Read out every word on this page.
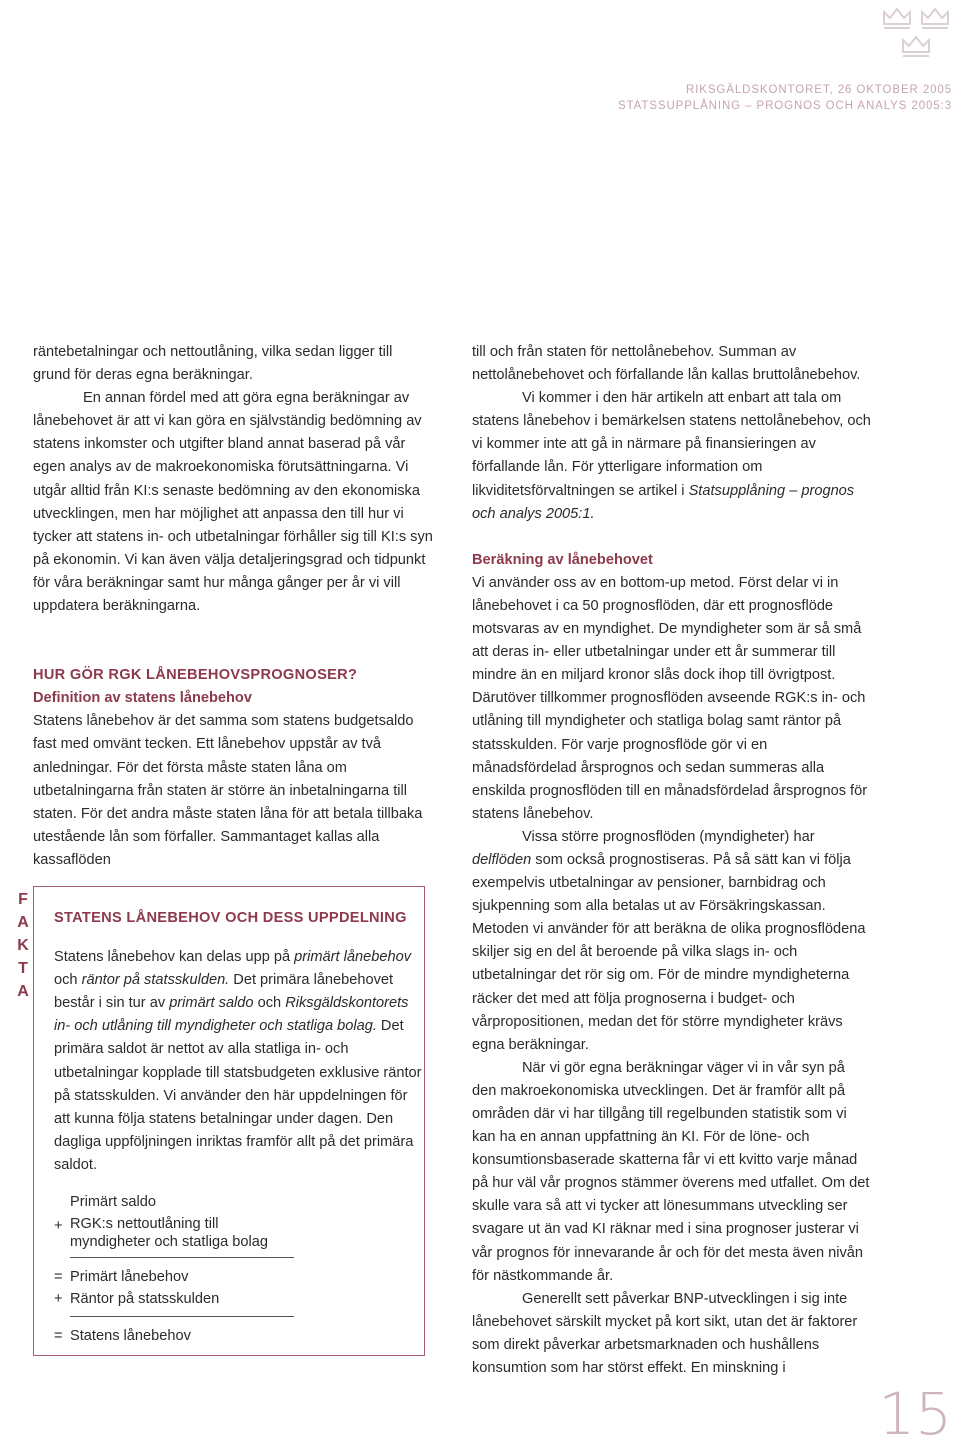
RIKSGÄLDSKONTORET, 26 OKTOBER 2005
STATSSUPPLÅNING – PROGNOS OCH ANALYS 2005:3

räntebetalningar och nettoutlåning, vilka sedan ligger till grund för deras egna beräkningar.

En annan fördel med att göra egna beräkningar av lånebehovet är att vi kan göra en självständig bedömning av statens inkomster och utgifter bland annat baserad på vår egen analys av de makroekonomiska förutsättningarna. Vi utgår alltid från KI:s senaste bedömning av den ekonomiska utvecklingen, men har möjlighet att anpassa den till hur vi tycker att statens in- och utbetalningar förhåller sig till KI:s syn på ekonomin. Vi kan även välja detaljeringsgrad och tidpunkt för våra beräkningar samt hur många gånger per år vi vill uppdatera beräkningarna.

HUR GÖR RGK LÅNEBEHOVSPROGNOSER?
Definition av statens lånebehov

Statens lånebehov är det samma som statens budgetsaldo fast med omvänt tecken. Ett lånebehov uppstår av två anledningar. För det första måste staten låna om utbetalningarna från staten är större än inbetalningarna till staten. För det andra måste staten låna för att betala tillbaka utestående lån som förfaller. Sammantaget kallas alla kassaflöden

F
A
K
T
A
STATENS LÅNEBEHOV OCH DESS UPPDELNING

Statens lånebehov kan delas upp på primärt lånebehov och räntor på statsskulden. Det primära lånebehovet består i sin tur av primärt saldo och Riksgäldskontorets in- och utlåning till myndigheter och statliga bolag. Det primära saldot är nettot av alla statliga in- och utbetalningar kopplade till statsbudgeten exklusive räntor på statsskulden. Vi använder den här uppdelningen för att kunna följa statens betalningar under dagen. Den dagliga uppföljningen inriktas framför allt på det primära saldot.

Primärt saldo
+ RGK:s nettoutlåning till myndigheter och statliga bolag
= Primärt lånebehov
+ Räntor på statsskulden
= Statens lånebehov

till och från staten för nettolånebehov. Summan av nettolånebehovet och förfallande lån kallas bruttolånebehov.

Vi kommer i den här artikeln att enbart att tala om statens lånebehov i bemärkelsen statens nettolånebehov, och vi kommer inte att gå in närmare på finansieringen av förfallande lån. För ytterligare information om likviditetsförvaltningen se artikel i Statsupplåning – prognos och analys 2005:1.

Beräkning av lånebehovet

Vi använder oss av en bottom-up metod. Först delar vi in lånebehovet i ca 50 prognosflöden, där ett prognosflöde motsvaras av en myndighet. De myndigheter som är så små att deras in- eller utbetalningar under ett år summerar till mindre än en miljard kronor slås dock ihop till övrigtpost. Därutöver tillkommer prognosflöden avseende RGK:s in- och utlåning till myndigheter och statliga bolag samt räntor på statsskulden. För varje prognosflöde gör vi en månadsfördelad årsprognos och sedan summeras alla enskilda prognosflöden till en månadsfördelad årsprognos för statens lånebehov.

Vissa större prognosflöden (myndigheter) har delflöden som också prognostiseras. På så sätt kan vi följa exempelvis utbetalningar av pensioner, barnbidrag och sjukpenning som alla betalas ut av Försäkringskassan. Metoden vi använder för att beräkna de olika prognosflödena skiljer sig en del åt beroende på vilka slags in- och utbetalningar det rör sig om. För de mindre myndigheterna räcker det med att följa prognoserna i budget- och vårpropositionen, medan det för större myndigheter krävs egna beräkningar.

När vi gör egna beräkningar väger vi in vår syn på den makroekonomiska utvecklingen. Det är framför allt på områden där vi har tillgång till regelbunden statistik som vi kan ha en annan uppfattning än KI. För de löne- och konsumtionsbaserade skatterna får vi ett kvitto varje månad på hur väl vår prognos stämmer överens med utfallet. Om det skulle vara så att vi tycker att lönesummans utveckling ser svagare ut än vad KI räknar med i sina prognoser justerar vi vår prognos för innevarande år och för det mesta även nivån för nästkommande år.

Generellt sett påverkar BNP-utvecklingen i sig inte lånebehovet särskilt mycket på kort sikt, utan det är faktorer som direkt påverkar arbetsmarknaden och hushållens konsumtion som har störst effekt. En minskning i

15
